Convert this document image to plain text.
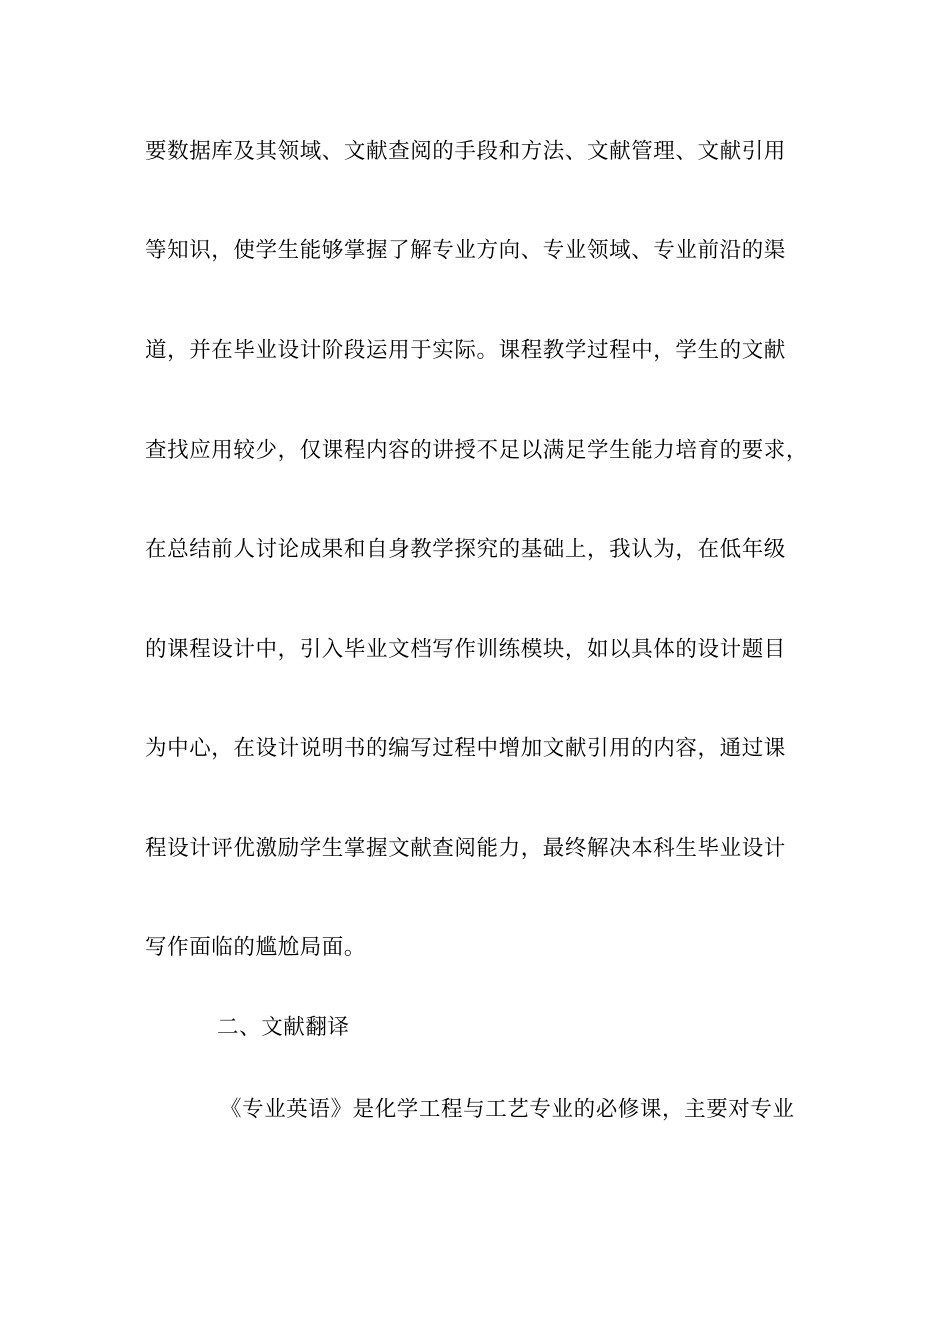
要数据库及其领域、文献查阅的手段和方法、文献管理、文献引用
等知识，使学生能够掌握了解专业方向、专业领域、专业前沿的渠
道，并在毕业设计阶段运用于实际。课程教学过程中，学生的文献
查找应用较少，仅课程内容的讲授不足以满足学生能力培育的要求，
在总结前人讨论成果和自身教学探究的基础上，我认为，在低年级
的课程设计中，引入毕业文档写作训练模块，如以具体的设计题目
为中心，在设计说明书的编写过程中增加文献引用的内容，通过课
程设计评优激励学生掌握文献查阅能力，最终解决本科生毕业设计
写作面临的尴尬局面。
二、文献翻译
《专业英语》是化学工程与工艺专业的必修课，主要对专业
